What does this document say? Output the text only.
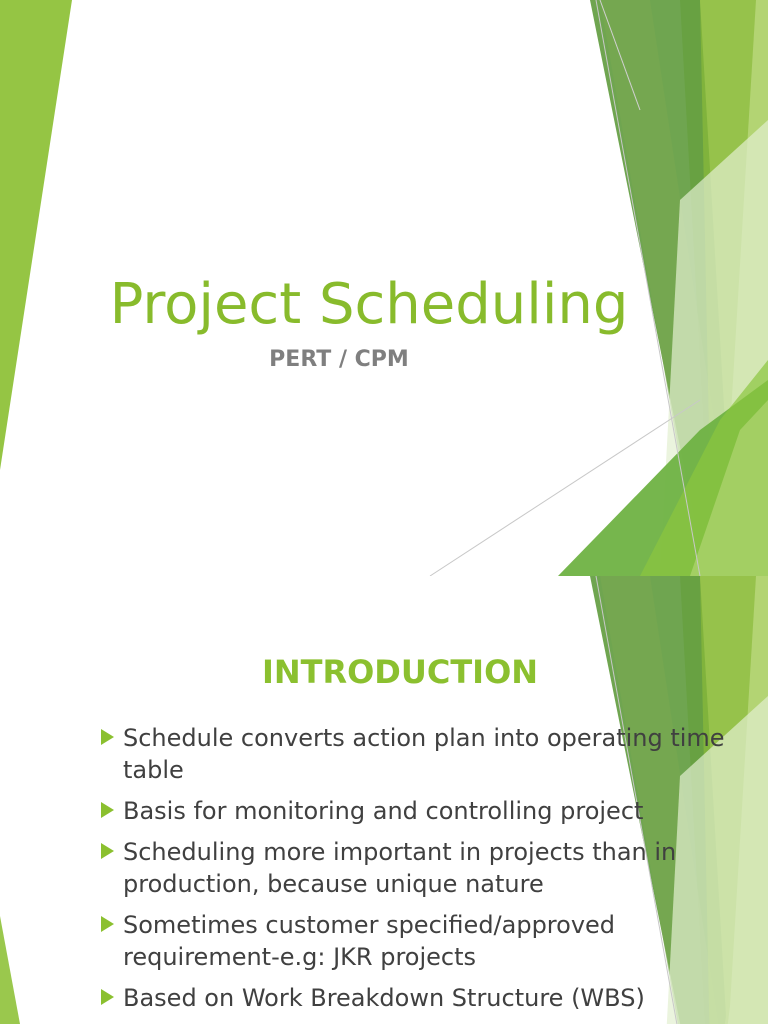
Project Scheduling

PERT / CPM

INTRODUCTION
Schedule converts action plan into operating time table
Basis for monitoring and controlling project
Scheduling more important in projects than in production, because unique nature
Sometimes customer specified/approved requirement-e.g: JKR projects
Based on Work Breakdown Structure (WBS)
